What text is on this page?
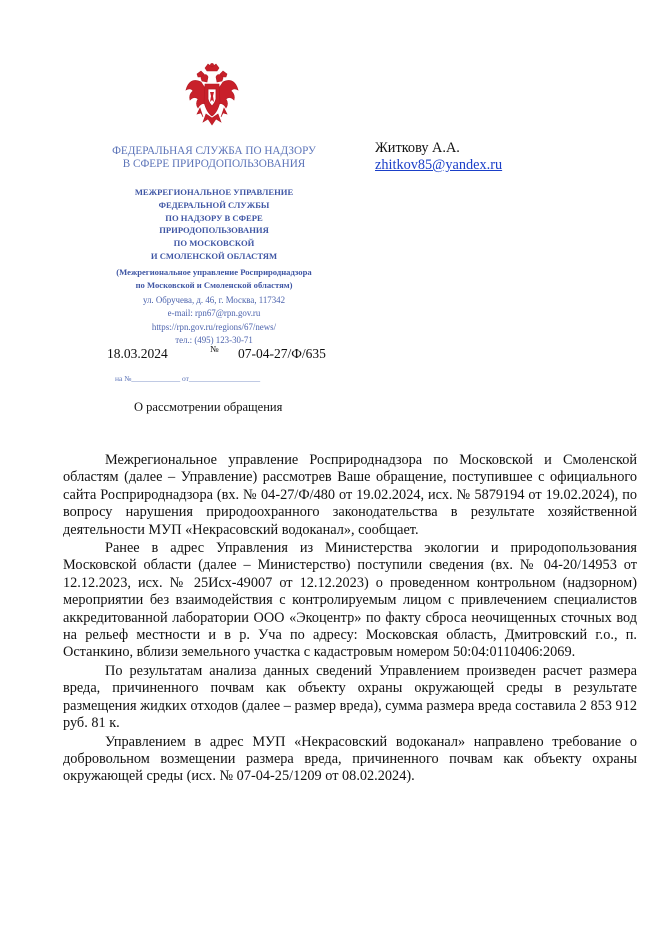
ФЕДЕРАЛЬНАЯ СЛУЖБА ПО НАДЗОРУ
В СФЕРЕ ПРИРОДОПОЛЬЗОВАНИЯ
МЕЖРЕГИОНАЛЬНОЕ УПРАВЛЕНИЕ
ФЕДЕРАЛЬНОЙ СЛУЖБЫ
ПО НАДЗОРУ В СФЕРЕ
ПРИРОДОПОЛЬЗОВАНИЯ
ПО МОСКОВСКОЙ
И СМОЛЕНСКОЙ ОБЛАСТЯМ
(Межрегиональное управление Росприроднадзора
по Московской и Смоленской областям)
ул. Обручева, д. 46, г. Москва, 117342
e-mail: rpn67@rpn.gov.ru
https://rpn.gov.ru/regions/67/news/
тел.: (495) 123-30-71
18.03.2024	№ 07-04-27/Ф/635
на №_____________ от___________________
О рассмотрении обращения
Житкову А.А.
zhitkov85@yandex.ru

Межрегиональное управление Росприроднадзора по Московской и Смоленской областям (далее – Управление) рассмотрев Ваше обращение, поступившее с официального сайта Росприроднадзора (вх. № 04-27/Ф/480 от 19.02.2024, исх. № 5879194 от 19.02.2024), по вопросу нарушения природоохранного законодательства в результате хозяйственной деятельности МУП «Некрасовский водоканал», сообщает.

Ранее в адрес Управления из Министерства экологии и природопользования Московской области (далее – Министерство) поступили сведения (вх. № 04-20/14953 от 12.12.2023, исх. № 25Исх-49007 от 12.12.2023) о проведенном контрольном (надзорном) мероприятии без взаимодействия с контролируемым лицом с привлечением специалистов аккредитованной лаборатории ООО «Экоцентр» по факту сброса неочищенных сточных вод на рельеф местности и в р. Уча по адресу: Московская область, Дмитровский г.о., п. Останкино, вблизи земельного участка с кадастровым номером 50:04:0110406:2069.

По результатам анализа данных сведений Управлением произведен расчет размера вреда, причиненного почвам как объекту охраны окружающей среды в результате размещения жидких отходов (далее – размер вреда), сумма размера вреда составила 2 853 912 руб. 81 к.

Управлением в адрес МУП «Некрасовский водоканал» направлено требование о добровольном возмещении размера вреда, причиненного почвам как объекту охраны окружающей среды (исх. № 07-04-25/1209 от 08.02.2024).
